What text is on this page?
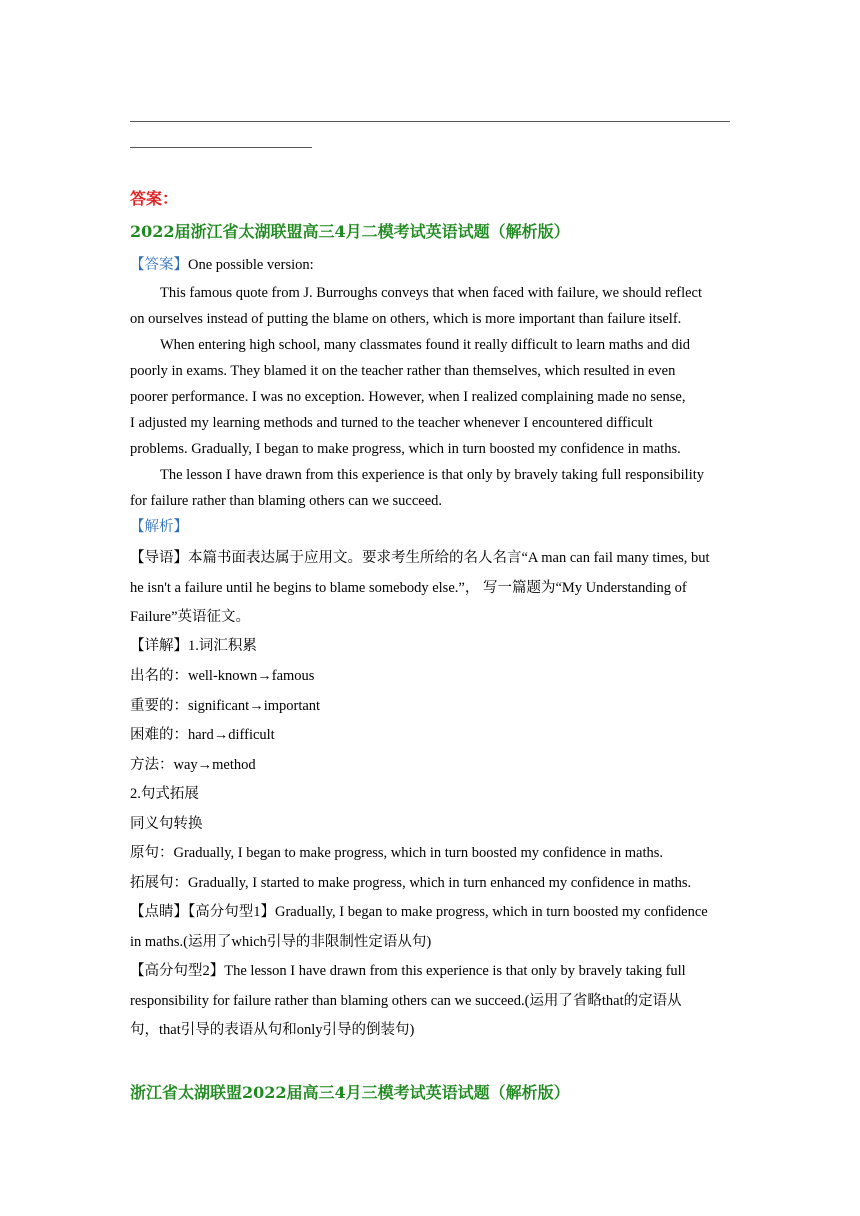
答案：
2022届浙江省太湖联盟高三4月二模考试英语试题（解析版）
【答案】One possible version:
This famous quote from J. Burroughs conveys that when faced with failure, we should reflect
on ourselves instead of putting the blame on others, which is more important than failure itself.
When entering high school, many classmates found it really difficult to learn maths and did
poorly in exams. They blamed it on the teacher rather than themselves, which resulted in even
poorer performance. I was no exception. However, when I realized complaining made no sense,
I adjusted my learning methods and turned to the teacher whenever I encountered difficult
problems. Gradually, I began to make progress, which in turn boosted my confidence in maths.
The lesson I have drawn from this experience is that only by bravely taking full responsibility
for failure rather than blaming others can we succeed.
【解析】
【导语】本篇书面表达属于应用文。要求考生所给的名人名言“A man can fail many times, but
he isn't a failure until he begins to blame somebody else.”， 写一篇题为“My Understanding of
Failure”英语征文。
【详解】1.词汇积累
出名的：well-known→famous
重要的：significant→important
困难的：hard→difficult
方法：way→method
2.句式拓展
同义句转换
原句：Gradually, I began to make progress, which in turn boosted my confidence in maths.
拓展句：Gradually, I started to make progress, which in turn enhanced my confidence in maths.
【点睛】【高分句型1】Gradually, I began to make progress, which in turn boosted my confidence
in maths.(运用了which引导的非限制性定语从句)
【高分句型2】The lesson I have drawn from this experience is that only by bravely taking full
responsibility for failure rather than blaming others can we succeed.(运用了省略that的定语从
句，that引导的表语从句和only引导的倒装句)
浙江省太湖联盟2022届高三4月三模考试英语试题（解析版）
